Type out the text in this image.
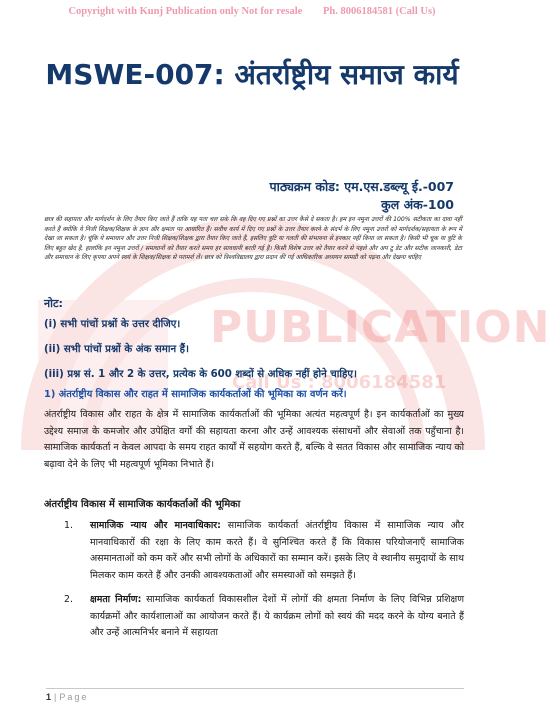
PUBLICATION
Call Us : 8006184581
Copyright with Kunj Publication only Not for resale Ph. 8006184581 (Call Us)
MSWE-007: अंतर्राष्ट्रीय समाज कार्य
पाठ्यक्रम कोड: एम.एस.डब्ल्यू ई.-007
कुल अंक-100
छात्र की सहायता और मार्गदर्शन के लिए तैयार किए जाते हैं ताकि यह पता चल सके कि वह दिए गए प्रश्नों का उत्तर कैसे दे सकता है। हम इन नमूना उत्तरों की 100% सटीकता का दावा नहीं करते हैं क्योंकि ये निजी शिक्षक/शिक्षक के ज्ञान और क्षमता पर आधारित हैं। सवीच कार्य में दिए गए प्रश्नों के उत्तर तैयार करने के संदर्भ के लिए नमूना उत्तरों को मार्गदर्शक/सहायता के रूप में देखा जा सकता है। चूंकि ये समाधान और उत्तर निजी शिक्षक/शिक्षक द्वारा तैयार किए जाते हैं, इसलिए त्रुटि या गलती की संभावना से इनकार नहीं किया जा सकता है। किसी भी चूक या त्रुटि के लिए बहुत खेद है, हालांकि इन नमूना उत्तरों / समाधानों को तैयार करते समय हर सावधानी बरती गई है। किसी विशेष उत्तर को तैयार करने से पहले और अप टू डेट और सटीक जानकारी, डेटा और समाधान के लिए कृपया अपने स्वयं के शिक्षक/शिक्षक से परामर्श लें। छात्र को विश्वविद्यालय द्वारा प्रदान की गई आधिकारिक अध्ययन सामग्री को पढ़ना और देखना चाहिए
नोट:
(i) सभी पांचों प्रश्नों के उत्तर दीजिए।
(ii) सभी पांचों प्रश्नों के अंक समान हैं।
(iii) प्रश्न सं. 1 और 2 के उत्तर, प्रत्येक के 600 शब्दों से अधिक नहीं होने चाहिए।
1) अंतर्राष्ट्रीय विकास और राहत में सामाजिक कार्यकर्ताओं की भूमिका का वर्णन करें।
अंतर्राष्ट्रीय विकास और राहत के क्षेत्र में सामाजिक कार्यकर्ताओं की भूमिका अत्यंत महत्वपूर्ण है। इन कार्यकर्ताओं का मुख्य उद्देश्य समाज के कमजोर और उपेक्षित वर्गों की सहायता करना और उन्हें आवश्यक संसाधनों और सेवाओं तक पहुँचाना है। सामाजिक कार्यकर्ता न केवल आपदा के समय राहत कार्यों में सहयोग करते हैं, बल्कि वे सतत विकास और सामाजिक न्याय को बढ़ावा देने के लिए भी महत्वपूर्ण भूमिका निभाते हैं।
अंतर्राष्ट्रीय विकास में सामाजिक कार्यकर्ताओं की भूमिका
1.	सामाजिक न्याय और मानवाधिकार: सामाजिक कार्यकर्ता अंतर्राष्ट्रीय विकास में सामाजिक न्याय और मानवाधिकारों की रक्षा के लिए काम करते हैं। वे सुनिश्चित करते हैं कि विकास परियोजनाएँ सामाजिक असमानताओं को कम करें और सभी लोगों के अधिकारों का सम्मान करें। इसके लिए वे स्थानीय समुदायों के साथ मिलकर काम करते हैं और उनकी आवश्यकताओं और समस्याओं को समझते हैं।
2.	क्षमता निर्माण: सामाजिक कार्यकर्ता विकासशील देशों में लोगों की क्षमता निर्माण के लिए विभिन्न प्रशिक्षण कार्यक्रमों और कार्यशालाओं का आयोजन करते हैं। ये कार्यक्रम लोगों को स्वयं की मदद करने के योग्य बनाते हैं और उन्हें आत्मनिर्भर बनाने में सहायता
1 | Page
